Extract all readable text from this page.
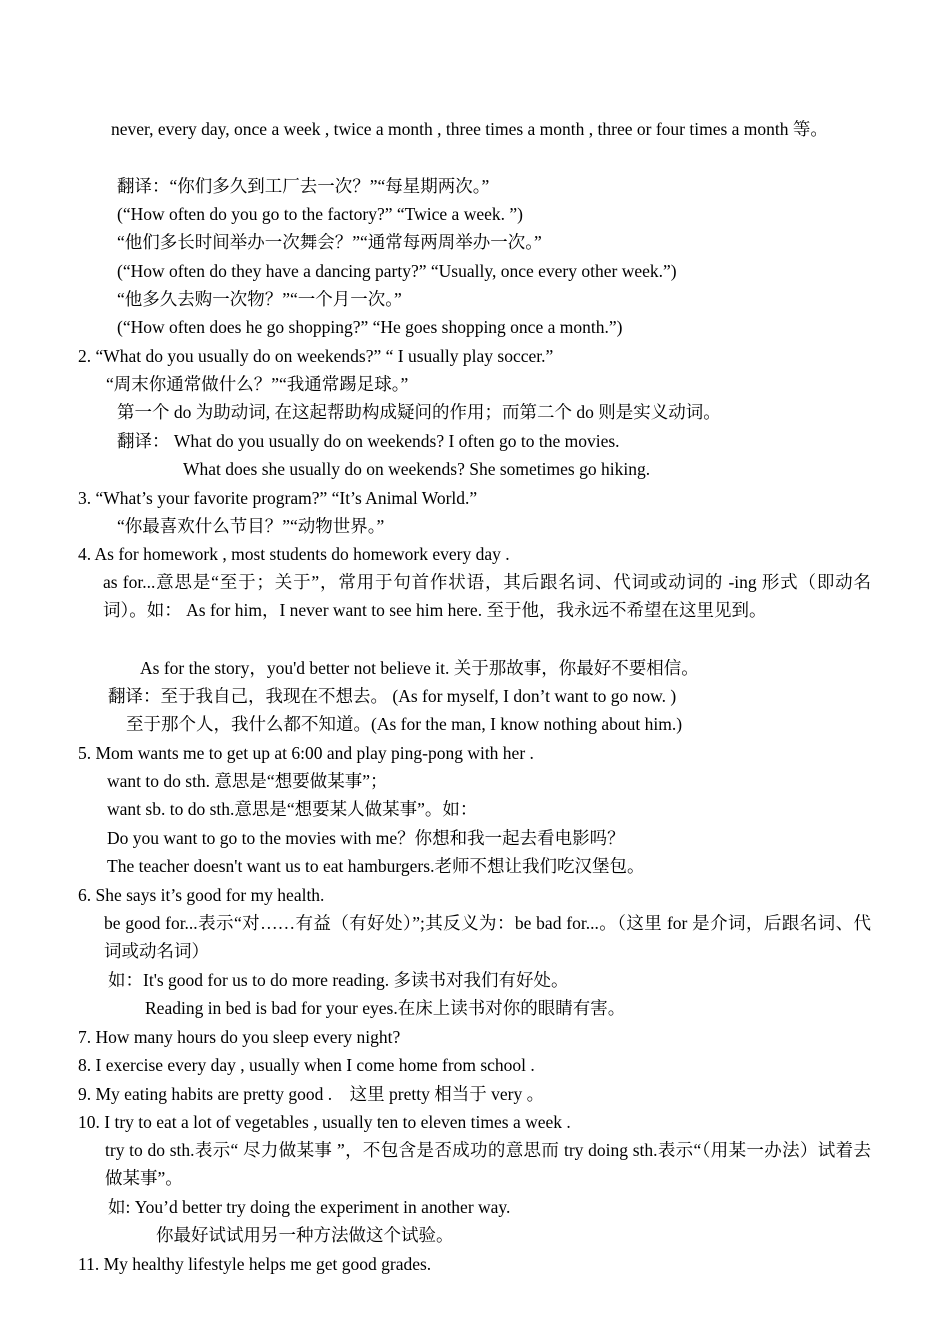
never, every day, once a week , twice a month , three times a month , three or four times a month 等。
翻译：“你们多久到工厂去一次？”“每星期两次。”
(“How often do you go to the factory?” “Twice a week. ”)
“他们多长时间举办一次舞会？”“通常每两周举办一次。”
(“How often do they have a dancing party?” “Usually, once every other week.”)
“他多久去购一次物？”“一个月一次。”
(“How often does he go shopping?” “He goes shopping once a month.”)
2. “What do you usually do on weekends?” “ I usually play soccer.”
“周末你通常做什么？”“我通常踢足球。”
第一个 do 为助动词, 在这起帮助构成疑问的作用；而第二个 do 则是实义动词。
翻译： What do you usually do on weekends? I often go to the movies.
What does she usually do on weekends? She sometimes go hiking.
3. “What’s your favorite program?” “It’s Animal World.”
“你最喜欢什么节目？”“动物世界。”
4. As for homework , most students do homework every day .
as for...意思是“至于；关于”，常用于句首作状语，其后跟名词、代词或动词的 -ing 形式（即动名词）。如： As for him，I never want to see him here. 至于他，我永远不希望在这里见到。
As for the story，you'd better not believe it. 关于那故事，你最好不要相信。
翻译：至于我自己，我现在不想去。 (As for myself, I don’t want to go now. )
至于那个人，我什么都不知道。(As for the man, I know nothing about him.)
5. Mom wants me to get up at 6:00 and play ping-pong with her .
want to do sth. 意思是“想要做某事”；
want sb. to do sth.意思是“想要某人做某事”。如：
Do you want to go to the movies with me？你想和我一起去看电影吗？
The teacher doesn't want us to eat hamburgers.老师不想让我们吃汉堡包。
6. She says it’s good for my health.
be good for...表示“对……有益（有好处）”;其反义为：be bad for...。（这里 for 是介词，后跟名词、代词或动名词）
如：It's good for us to do more reading. 多读书对我们有好处。
Reading in bed is bad for your eyes.在床上读书对你的眼睛有害。
7. How many hours do you sleep every night?
8. I exercise every day , usually when I come home from school .
9. My eating habits are pretty good .    这里 pretty 相当于 very 。
10. I try to eat a lot of vegetables , usually ten to eleven times a week .
try to do sth.表示“ 尽力做某事 ”，不包含是否成功的意思而 try doing sth.表示“（用某一办法）试着去做某事”。
如: You’d better try doing the experiment in another way.
你最好试试用另一种方法做这个试验。
11. My healthy lifestyle helps me get good grades.
